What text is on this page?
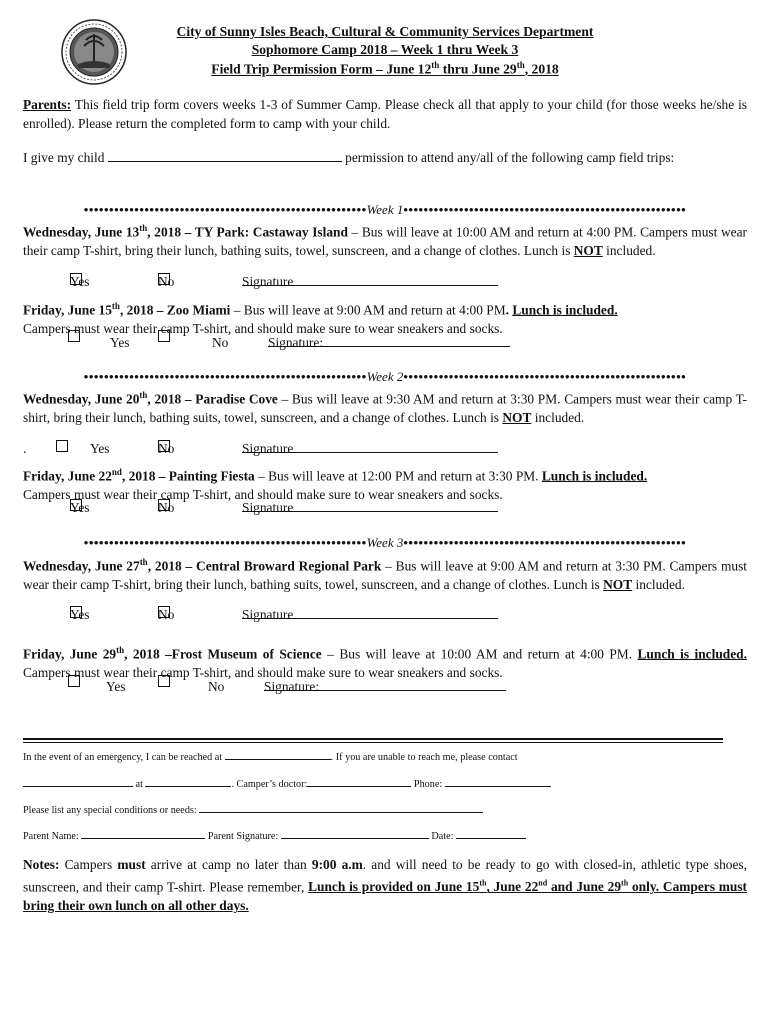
City of Sunny Isles Beach, Cultural & Community Services Department
Sophomore Camp 2018 – Week 1 thru Week 3
Field Trip Permission Form – June 12th thru June 29th, 2018
Parents: This field trip form covers weeks 1-3 of Summer Camp. Please check all that apply to your child (for those weeks he/she is enrolled). Please return the completed form to camp with your child.
I give my child	permission to attend any/all of the following camp field trips:
••••••••••••••••••••••••••••••••••••••••••••••••••••••••Week 1••••••••••••••••••••••••••••••••••••••••••••••••••••••••
Wednesday, June 13th, 2018 – TY Park: Castaway Island – Bus will leave at 10:00 AM and return at 4:00 PM. Campers must wear their camp T-shirt, bring their lunch, bathing suits, towel, sunscreen, and a change of clothes. Lunch is NOT included.
Yes	No	Signature
Friday, June 15th, 2018 – Zoo Miami – Bus will leave at 9:00 AM and return at 4:00 PM. Lunch is included.
Campers must wear their camp T-shirt, and should make sure to wear sneakers and socks.
Yes	No	Signature:
••••••••••••••••••••••••••••••••••••••••••••••••••••••••Week 2••••••••••••••••••••••••••••••••••••••••••••••••••••••••
Wednesday, June 20th, 2018 – Paradise Cove – Bus will leave at 9:30 AM and return at 3:30 PM. Campers must wear their camp T-shirt, bring their lunch, bathing suits, towel, sunscreen, and a change of clothes. Lunch is NOT included.
.	Yes	No	Signature
Friday, June 22nd, 2018 – Painting Fiesta – Bus will leave at 12:00 PM and return at 3:30 PM. Lunch is included.
Campers must wear their camp T-shirt, and should make sure to wear sneakers and socks.
Yes	No	Signature
••••••••••••••••••••••••••••••••••••••••••••••••••••••••Week 3••••••••••••••••••••••••••••••••••••••••••••••••••••••••
Wednesday, June 27th, 2018 – Central Broward Regional Park – Bus will leave at 9:00 AM and return at 3:30 PM. Campers must wear their camp T-shirt, bring their lunch, bathing suits, towel, sunscreen, and a change of clothes. Lunch is NOT included.
Yes	No	Signature
Friday, June 29th, 2018 –Frost Museum of Science – Bus will leave at 10:00 AM and return at 4:00 PM. Lunch is included. Campers must wear their camp T-shirt, and should make sure to wear sneakers and socks.
Yes	No	Signature:
In the event of an emergency, I can be reached at	. If you are unable to reach me, please contact
at	. Camper’s doctor:	Phone:
Please list any special conditions or needs:
Parent Name:	Parent Signature:	Date:
Notes: Campers must arrive at camp no later than 9:00 a.m. and will need to be ready to go with closed-in, athletic type shoes, sunscreen, and their camp T-shirt. Please remember, Lunch is provided on June 15th, June 22nd and June 29th only. Campers must bring their own lunch on all other days.
